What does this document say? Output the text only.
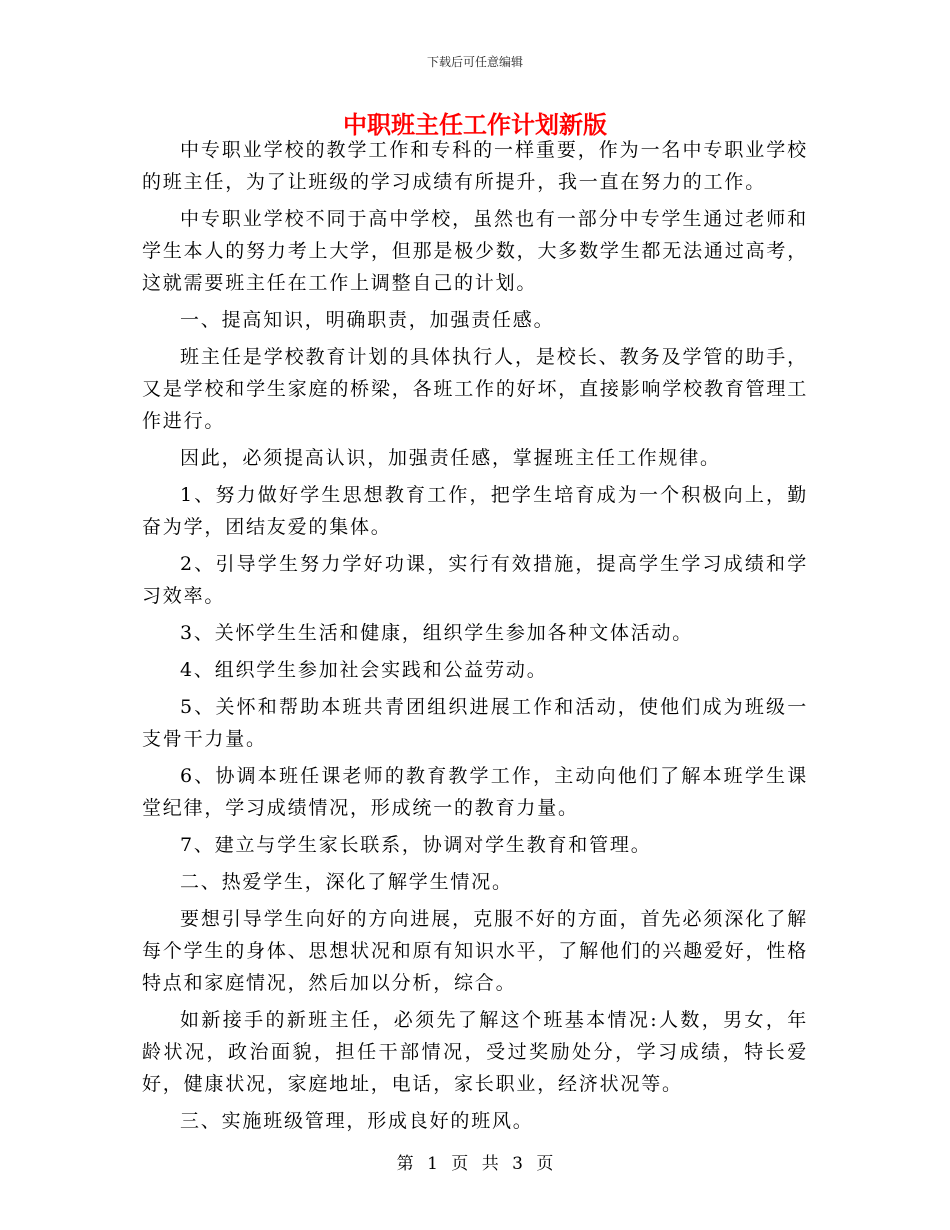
下载后可任意编辑
中职班主任工作计划新版

中专职业学校的教学工作和专科的一样重要，作为一名中专职业学校的班主任，为了让班级的学习成绩有所提升，我一直在努力的工作。

中专职业学校不同于高中学校，虽然也有一部分中专学生通过老师和学生本人的努力考上大学，但那是极少数，大多数学生都无法通过高考，这就需要班主任在工作上调整自己的计划。

一、提高知识，明确职责，加强责任感。

班主任是学校教育计划的具体执行人，是校长、教务及学管的助手，又是学校和学生家庭的桥梁，各班工作的好坏，直接影响学校教育管理工作进行。

因此，必须提高认识，加强责任感，掌握班主任工作规律。

1、努力做好学生思想教育工作，把学生培育成为一个积极向上，勤奋为学，团结友爱的集体。

2、引导学生努力学好功课，实行有效措施，提高学生学习成绩和学习效率。

3、关怀学生生活和健康，组织学生参加各种文体活动。

4、组织学生参加社会实践和公益劳动。

5、关怀和帮助本班共青团组织进展工作和活动，使他们成为班级一支骨干力量。

6、协调本班任课老师的教育教学工作，主动向他们了解本班学生课堂纪律，学习成绩情况，形成统一的教育力量。

7、建立与学生家长联系，协调对学生教育和管理。

二、热爱学生，深化了解学生情况。

要想引导学生向好的方向进展，克服不好的方面，首先必须深化了解每个学生的身体、思想状况和原有知识水平，了解他们的兴趣爱好，性格特点和家庭情况，然后加以分析，综合。

如新接手的新班主任，必须先了解这个班基本情况:人数，男女，年龄状况，政治面貌，担任干部情况，受过奖励处分，学习成绩，特长爱好，健康状况，家庭地址，电话，家长职业，经济状况等。

三、实施班级管理，形成良好的班风。

第 1 页 共 3 页
